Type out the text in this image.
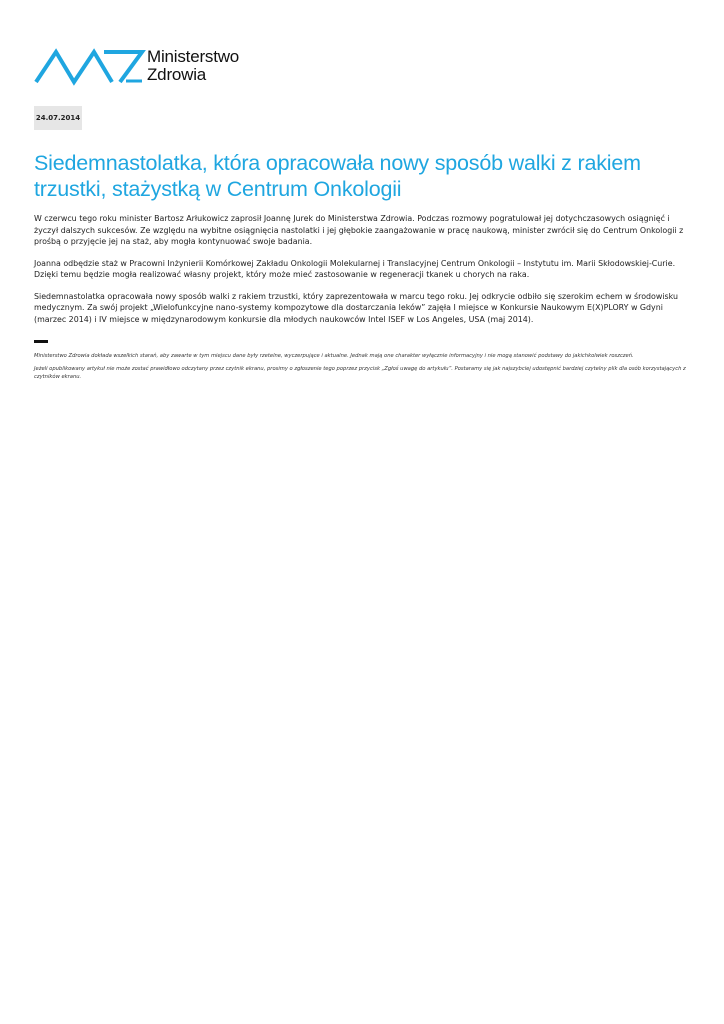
Ministerstwo
Zdrowia
24.07.2014
Siedemnastolatka, która opracowała nowy sposób walki z rakiem trzustki, stażystką w Centrum Onkologii

W czerwcu tego roku minister Bartosz Arłukowicz zaprosił Joannę Jurek do Ministerstwa Zdrowia. Podczas rozmowy pogratulował jej dotychczasowych osiągnięć i życzył dalszych sukcesów. Ze względu na wybitne osiągnięcia nastolatki i jej głębokie zaangażowanie w pracę naukową, minister zwrócił się do Centrum Onkologii z prośbą o przyjęcie jej na staż, aby mogła kontynuować swoje badania.

Joanna odbędzie staż w Pracowni Inżynierii Komórkowej Zakładu Onkologii Molekularnej i Translacyjnej Centrum Onkologii – Instytutu im. Marii Skłodowskiej-Curie. Dzięki temu będzie mogła realizować własny projekt, który może mieć zastosowanie w regeneracji tkanek u chorych na raka.

Siedemnastolatka opracowała nowy sposób walki z rakiem trzustki, który zaprezentowała w marcu tego roku. Jej odkrycie odbiło się szerokim echem w środowisku medycznym. Za swój projekt „Wielofunkcyjne nano-systemy kompozytowe dla dostarczania leków” zajęła I miejsce w Konkursie Naukowym E(X)PLORY w Gdyni (marzec 2014) i IV miejsce w międzynarodowym konkursie dla młodych naukowców Intel ISEF w Los Angeles, USA (maj 2014).

Ministerstwo Zdrowia dokłada wszelkich starań, aby zawarte w tym miejscu dane były rzetelne, wyczerpujące i aktualne. Jednak mają one charakter wyłącznie informacyjny i nie mogą stanowić podstawy do jakichkolwiek roszczeń.

Jeżeli opublikowany artykuł nie może zostać prawidłowo odczytany przez czytnik ekranu, prosimy o zgłoszenie tego poprzez przycisk „Zgłoś uwagę do artykułu”. Postaramy się jak najszybciej udostępnić bardziej czytelny plik dla osób korzystających z czytników ekranu.
